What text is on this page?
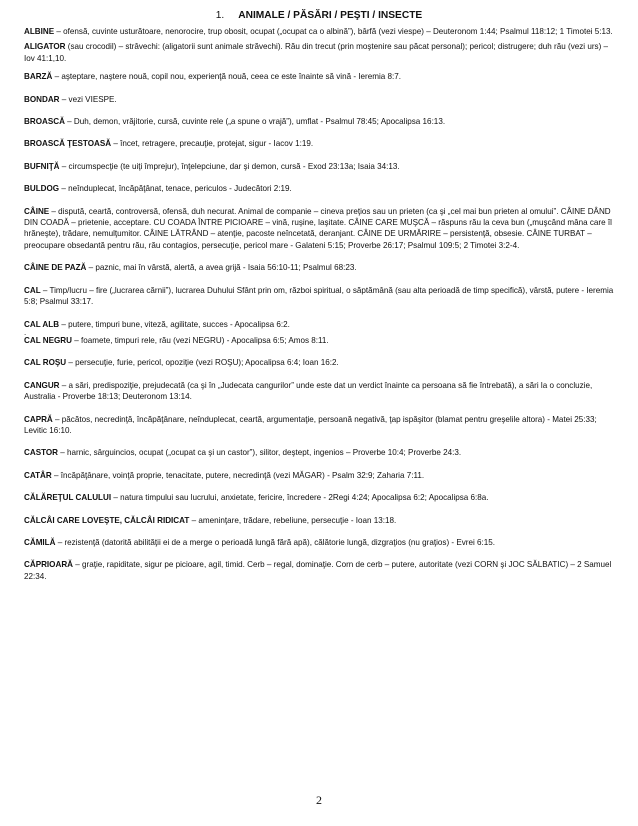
1. ANIMALE / PĂSĂRI / PEŞTI / INSECTE

ALBINE – ofensă, cuvinte usturătoare, nenorocire, trup obosit, ocupat („ocupat ca o albină”), bârfă (vezi viespe) – Deuteronom 1:44; Psalmul 118:12; 1 Timotei 5:13.

ALIGATOR (sau crocodil) – strâvechi: (aligatorii sunt animale străvechi). Rău din trecut (prin moştenire sau păcat personal); pericol; distrugere; duh rău (vezi urs) – Iov 41:1,10.

BARZĂ – aşteptare, naştere nouă, copil nou, experienţă nouă, ceea ce este înainte să vină - Ieremia 8:7.

BONDAR – vezi VIESPE.

BROASCĂ – Duh, demon, vrăjitorie, cursă, cuvinte rele („a spune o vrajă”), umflat - Psalmul 78:45; Apocalipsa 16:13.

BROASCĂ ŢESTOASĂ – încet, retragere, precauţie, protejat, sigur - Iacov 1:19.

BUFNIŢĂ – circumspecţie (te uiţi împrejur), înţelepciune, dar şi demon, cursă - Exod 23:13a; Isaia 34:13.

BULDOG – neînduplecat, încăpăţânat, tenace, periculos - Judecători 2:19.

CÂINE – dispută, ceartă, controversă, ofensă, duh necurat. Animal de companie – cineva preţios sau un prieten (ca şi „cel mai bun prieten al omului”. CÂINE DÂND DIN COADĂ – prietenie, acceptare. CU COADA ÎNTRE PICIOARE – vină, ruşine, laşitate. CÂINE CARE MUŞCĂ – răspuns rău la ceva bun („muşcând mâna care îl hrăneşte), trădare, nemulţumitor. CÂINE LĂTRÂND – atenţie, pacoste neîncetată, deranjant. CÂINE DE URMĂRIRE – persistenţă, obsesie. CÂINE TURBAT – preocupare obsedantă pentru rău, rău contagios, persecuţie, pericol mare - Galateni 5:15; Proverbe 26:17; Psalmul 109:5; 2 Timotei 3:2-4.

CÂINE DE PAZĂ – paznic, mai în vârstă, alertă, a avea grijă - Isaia 56:10-11; Psalmul 68:23.

CAL – Timp/lucru – fire („lucrarea cărnii”), lucrarea Duhului Sfânt prin om, război spiritual, o săptămână (sau alta perioadă de timp specifică), vârstă, putere - Ieremia 5:8; Psalmul 33:17.

CAL ALB – putere, timpuri bune, viteză, agilitate, succes - Apocalipsa 6:2.

.

CAL NEGRU – foamete, timpuri rele, rău (vezi NEGRU) - Apocalipsa 6:5; Amos 8:11.

CAL ROŞU – persecuţie, furie, pericol, opoziţie (vezi ROŞU); Apocalipsa 6:4; Ioan 16:2.

CANGUR – a sări, predispoziţie, prejudecată (ca şi în „Judecata cangurilor” unde este dat un verdict înainte ca persoana să fie întrebată), a sări la o concluzie, Australia - Proverbe 18:13; Deuteronom 13:14.

CAPRĂ – păcătos, necredinţă, încăpăţânare, neînduplecat, ceartă, argumentaţie, persoană negativă, ţap ispăşitor (blamat pentru greşelile altora) - Matei 25:33; Levitic 16:10.

CASTOR – harnic, sârguincios, ocupat („ocupat ca şi un castor”), silitor, deştept, ingenios – Proverbe 10:4; Proverbe 24:3.

CATÂR – încăpăţânare, voinţă proprie, tenacitate, putere, necredinţă (vezi MĂGAR) - Psalm 32:9; Zaharia 7:11.

CĂLĂREŢUL CALULUI – natura timpului sau lucrului, anxietate, fericire, încredere - 2Regi 4:24; Apocalipsa 6:2; Apocalipsa 6:8a.

CĂLCÂI CARE LOVEŞTE, CĂLCÂI RIDICAT – ameninţare, trădare, rebeliune, persecuţie - Ioan 13:18.

CĂMILĂ – rezistenţă (datorită abilităţii ei de a merge o perioadă lungă fără apă), călătorie lungă, dizgraţios (nu graţios) - Evrei 6:15.

CĂPRIOARĂ – graţie, rapiditate, sigur pe picioare, agil, timid. Cerb – regal, dominaţie. Corn de cerb – putere, autoritate (vezi CORN şi JOC SĂLBATIC) – 2 Samuel 22:34.

2
